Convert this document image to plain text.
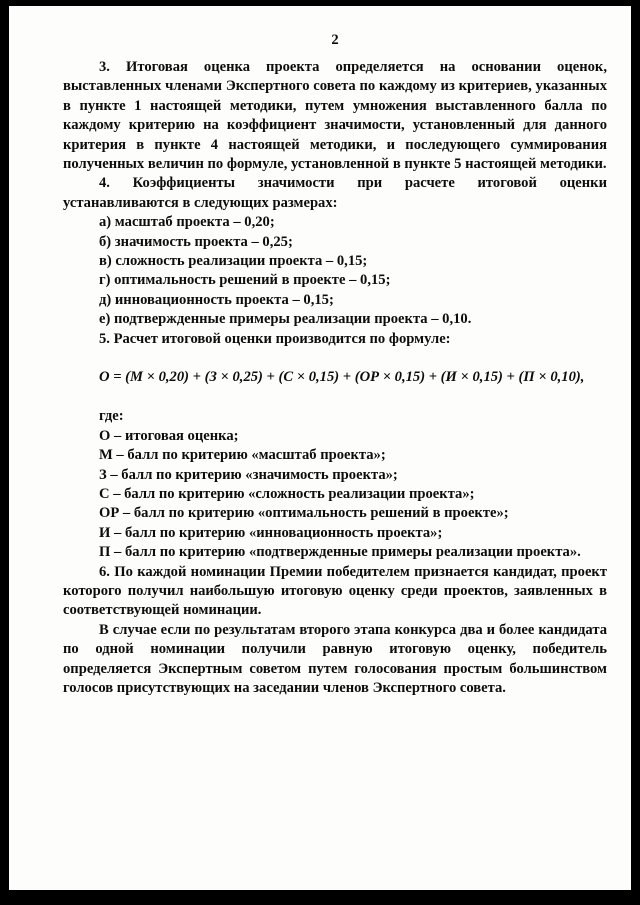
2

3. Итоговая оценка проекта определяется на основании оценок, выставленных членами Экспертного совета по каждому из критериев, указанных в пункте 1 настоящей методики, путем умножения выставленного балла по каждому критерию на коэффициент значимости, установленный для данного критерия в пункте 4 настоящей методики, и последующего суммирования полученных величин по формуле, установленной в пункте 5 настоящей методики.

4. Коэффициенты значимости при расчете итоговой оценки устанавливаются в следующих размерах:

а) масштаб проекта – 0,20;
б) значимость проекта – 0,25;
в) сложность реализации проекта – 0,15;
г) оптимальность решений в проекте – 0,15;
д) инновационность проекта – 0,15;
е) подтвержденные примеры реализации проекта – 0,10.

5. Расчет итоговой оценки производится по формуле:

О = (М × 0,20) + (З × 0,25) + (С × 0,15) + (ОР × 0,15) + (И × 0,15) + (П × 0,10),
где:
О – итоговая оценка;
М – балл по критерию «масштаб проекта»;
З – балл по критерию «значимость проекта»;
С – балл по критерию «сложность реализации проекта»;
ОР – балл по критерию «оптимальность решений в проекте»;
И – балл по критерию «инновационность проекта»;
П – балл по критерию «подтвержденные примеры реализации проекта».

6. По каждой номинации Премии победителем признается кандидат, проект которого получил наибольшую итоговую оценку среди проектов, заявленных в соответствующей номинации.

В случае если по результатам второго этапа конкурса два и более кандидата по одной номинации получили равную итоговую оценку, победитель определяется Экспертным советом путем голосования простым большинством голосов присутствующих на заседании членов Экспертного совета.
